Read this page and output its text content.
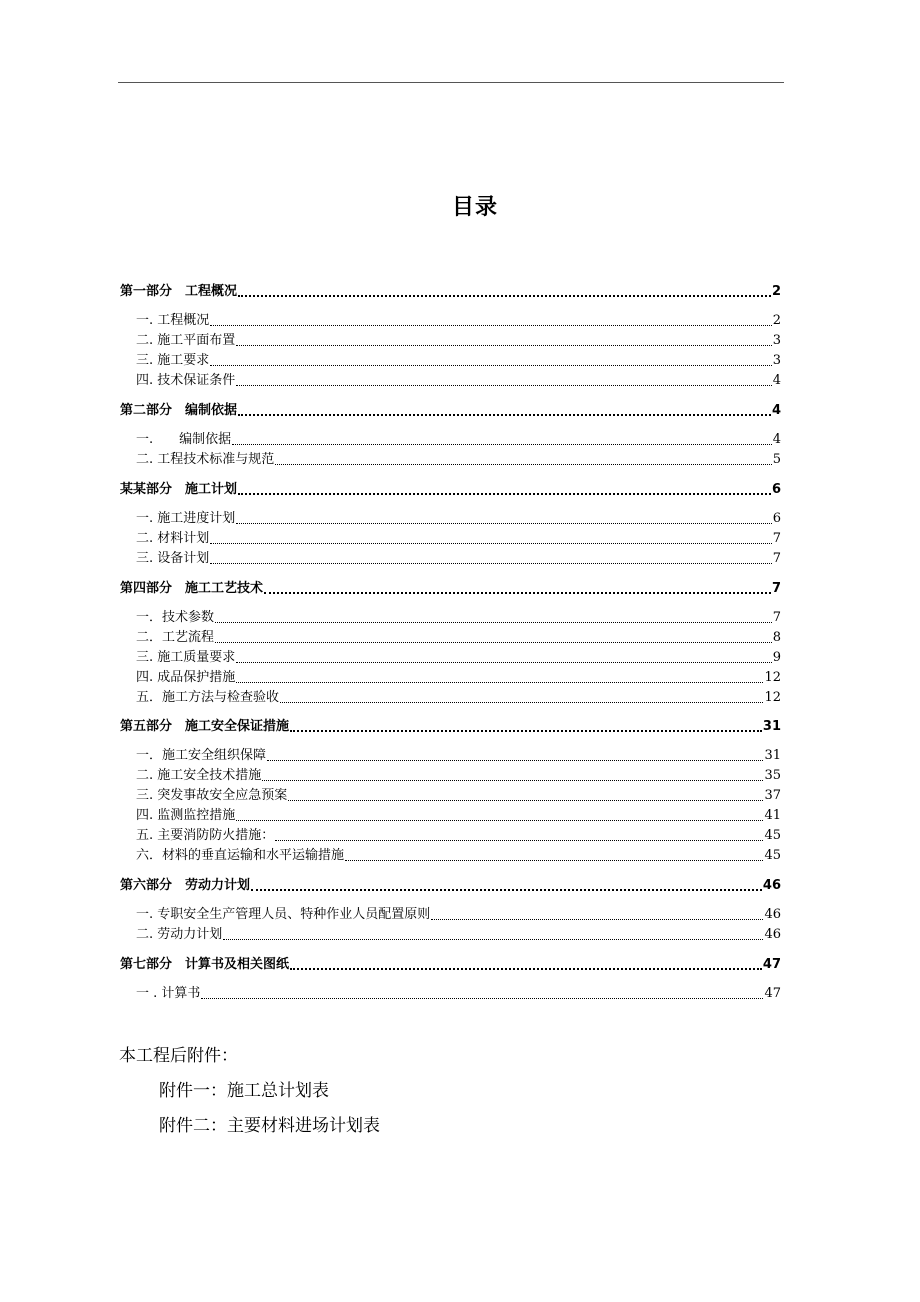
目录
第一部分　工程概况	2
一. 工程概况	2
二. 施工平面布置	3
三. 施工要求	3
四. 技术保证条件	4
第二部分　编制依据	4
一.　　编制依据	4
二. 工程技术标准与规范	5
某某部分　施工计划	6
一. 施工进度计划	6
二. 材料计划	7
三. 设备计划	7
第四部分　施工工艺技术	7
一．技术参数	7
二．工艺流程	8
三. 施工质量要求	9
四. 成品保护措施	12
五．施工方法与检查验收	12
第五部分　施工安全保证措施	31
一．施工安全组织保障	31
二. 施工安全技术措施	35
三. 突发事故安全应急预案	37
四. 监测监控措施	41
五. 主要消防防火措施：	45
六．材料的垂直运输和水平运输措施	45
第六部分　劳动力计划	46
一. 专职安全生产管理人员、特种作业人员配置原则	46
二. 劳动力计划	46
第七部分　计算书及相关图纸	47
一 . 计算书	47
本工程后附件：
附件一：施工总计划表
附件二：主要材料进场计划表
